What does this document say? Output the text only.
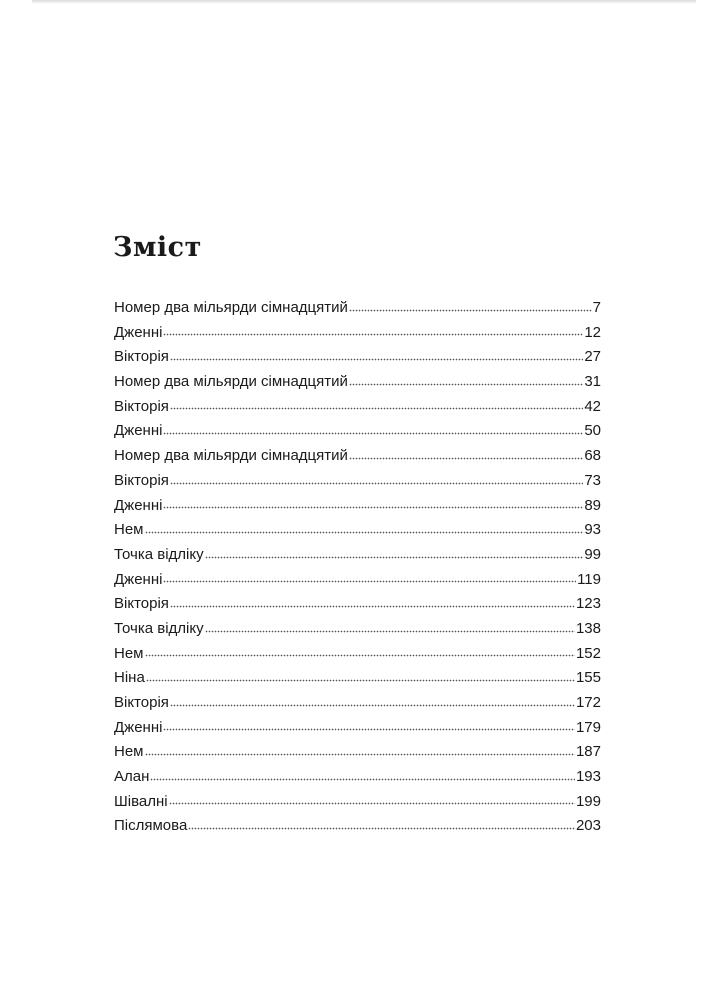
Зміст
Номер два мільярди сімнадцятий	7
Дженні	12
Вікторія	27
Номер два мільярди сімнадцятий	31
Вікторія	42
Дженні	50
Номер два мільярди сімнадцятий	68
Вікторія	73
Дженні	89
Нем	93
Точка відліку	99
Дженні	119
Вікторія	123
Точка відліку	138
Нем	152
Ніна	155
Вікторія	172
Дженні	179
Нем	187
Алан	193
Шівалні	199
Післямова	203
